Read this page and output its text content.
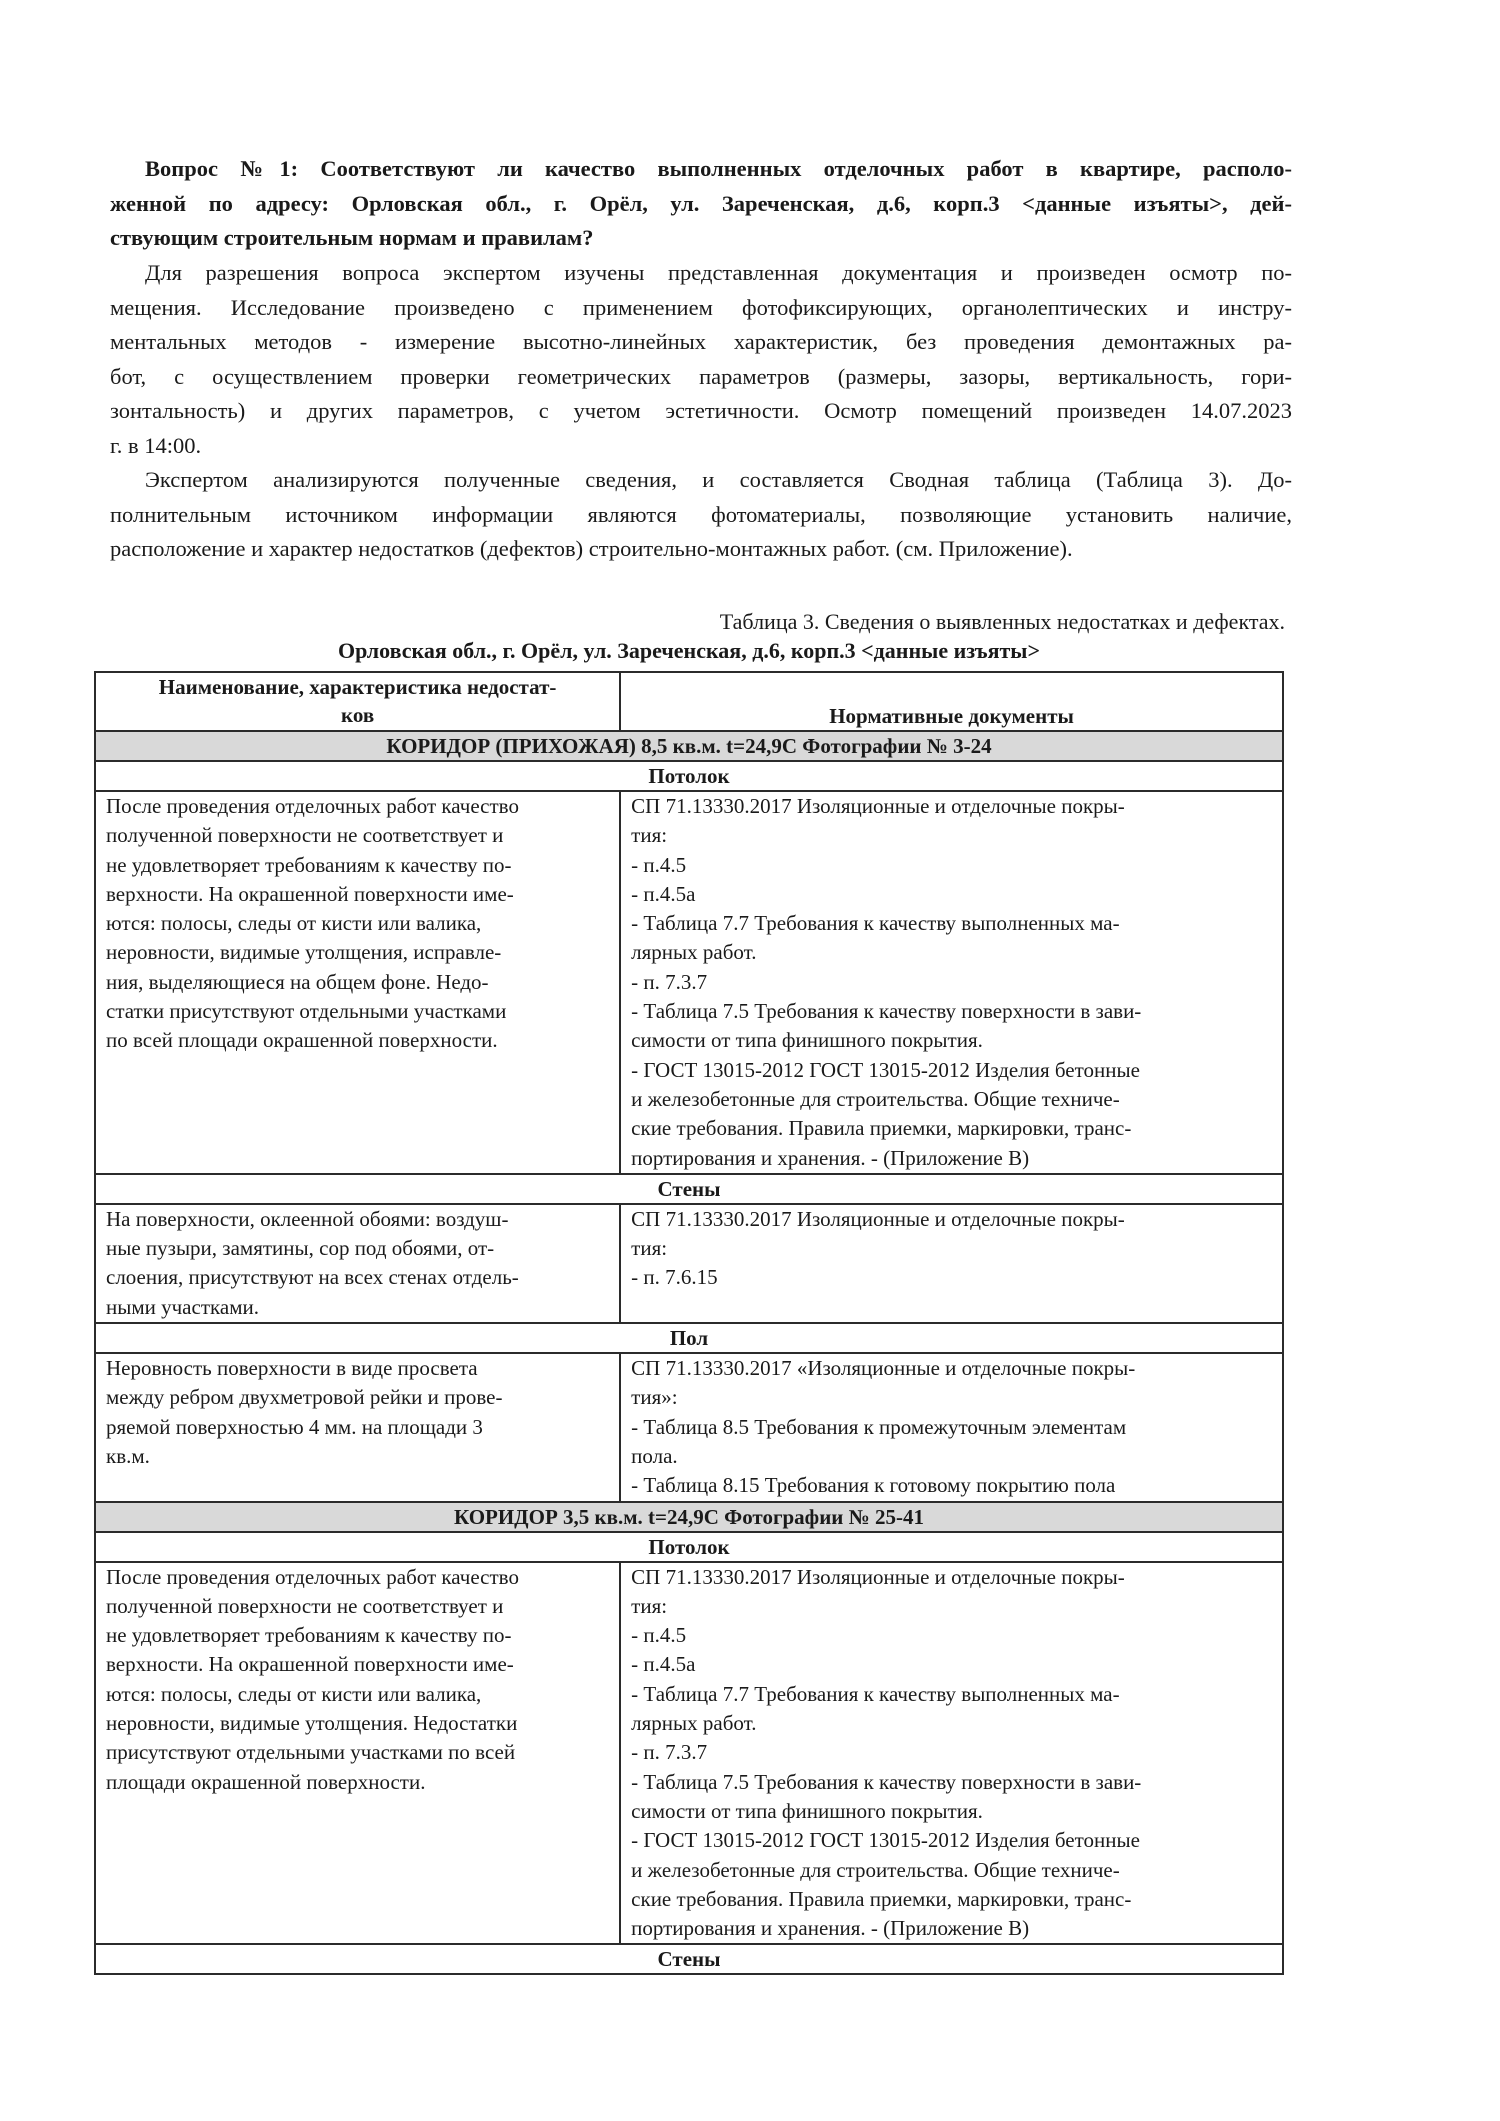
Вопрос №1: Соответствуют ли качество выполненных отделочных работ в квартире, располо-
женной по адресу: Орловская обл., г. Орёл, ул. Зареченская, д.6, корп.3 <данные изъяты>, дей-
ствующим строительным нормам и правилам?
Для разрешения вопроса экспертом изучены представленная документация и произведен осмотр по-
мещения. Исследование произведено с применением фотофиксирующих, органолептических и инстру-
ментальных методов - измерение высотно-линейных характеристик, без проведения демонтажных ра-
бот, с осуществлением проверки геометрических параметров (размеры, зазоры, вертикальность, гори-
зонтальность) и других параметров, с учетом эстетичности. Осмотр помещений произведен 14.07.2023
г. в 14:00.
Экспертом анализируются полученные сведения, и составляется Сводная таблица (Таблица 3). До-
полнительным источником информации являются фотоматериалы, позволяющие установить наличие,
расположение и характер недостатков (дефектов) строительно-монтажных работ. (см. Приложение).
Таблица 3. Сведения о выявленных недостатках и дефектах.
Орловская обл., г. Орёл, ул. Зареченская, д.6, корп.3 <данные изъяты>
Наименование, характеристика недостат-
ков	Нормативные документы
КОРИДОР (ПРИХОЖАЯ) 8,5 кв.м. t=24,9С Фотографии № 3-24	
Потолок	

После проведения отделочных работ качество
полученной поверхности не соответствует и
не удовлетворяет требованиям к качеству по-
верхности. На окрашенной поверхности име-
ются: полосы, следы от кисти или валика,
неровности, видимые утолщения, исправле-
ния, выделяющиеся на общем фоне. Недо-
статки присутствуют отдельными участками
по всей площади окрашенной поверхности.

СП 71.13330.2017 Изоляционные и отделочные покры-
тия:
- п.4.5
- п.4.5а
- Таблица 7.7 Требования к качеству выполненных ма-
лярных работ.
- п. 7.3.7
- Таблица 7.5 Требования к качеству поверхности в зави-
симости от типа финишного покрытия.
- ГОСТ 13015-2012 ГОСТ 13015-2012 Изделия бетонные
и железобетонные для строительства. Общие техниче-
ские требования. Правила приемки, маркировки, транс-
портирования и хранения. - (Приложение В)

Стены	

На поверхности, оклеенной обоями: воздуш-
ные пузыри, замятины, сор под обоями, от-
слоения, присутствуют на всех стенах отдель-
ными участками.	СП 71.13330.2017 Изоляционные и отделочные покры-
тия:
- п. 7.6.15

Пол	

Неровность поверхности в виде просвета
между ребром двухметровой рейки и прове-
ряемой поверхностью 4 мм. на площади 3
кв.м.	СП 71.13330.2017 «Изоляционные и отделочные покры-
тия»:
- Таблица 8.5 Требования к промежуточным элементам
пола.
- Таблица 8.15 Требования к готовому покрытию пола

КОРИДОР 3,5 кв.м. t=24,9С Фотографии № 25-41	
Потолок	

После проведения отделочных работ качество
полученной поверхности не соответствует и
не удовлетворяет требованиям к качеству по-
верхности. На окрашенной поверхности име-
ются: полосы, следы от кисти или валика,
неровности, видимые утолщения. Недостатки
присутствуют отдельными участками по всей
площади окрашенной поверхности.

СП 71.13330.2017 Изоляционные и отделочные покры-
тия:
- п.4.5
- п.4.5а
- Таблица 7.7 Требования к качеству выполненных ма-
лярных работ.
- п. 7.3.7
- Таблица 7.5 Требования к качеству поверхности в зави-
симости от типа финишного покрытия.
- ГОСТ 13015-2012 ГОСТ 13015-2012 Изделия бетонные
и железобетонные для строительства. Общие техниче-
ские требования. Правила приемки, маркировки, транс-
портирования и хранения. - (Приложение В)

Стены	
